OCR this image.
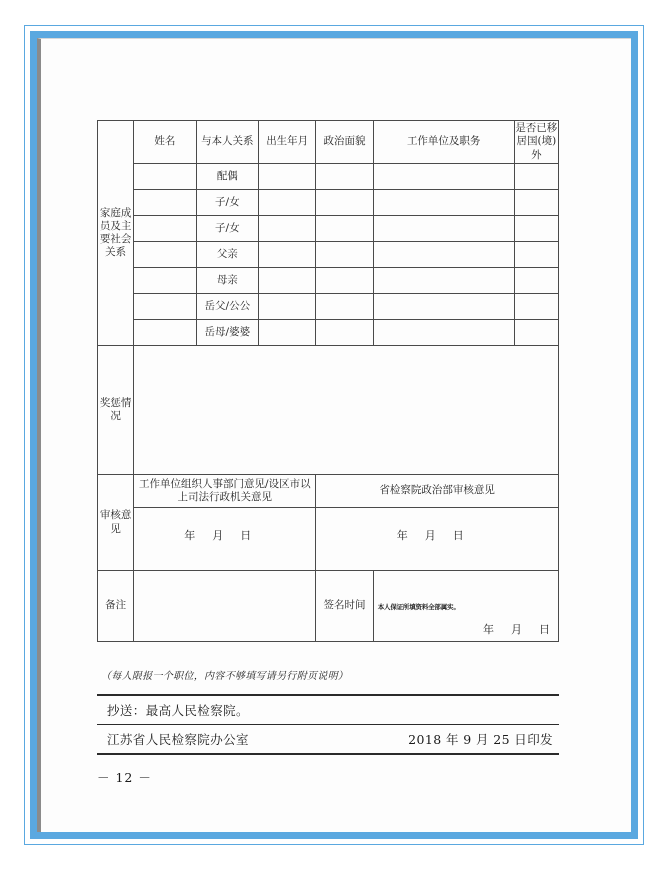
家庭成员及主要社会关系	姓名	与本人关系	出生年月	政治面貌	工作单位及职务	是否已移居国(境)外
		配偶				
		子/女				
		子/女				
		父亲				
		母亲				
		岳父/公公				
		岳母/婆婆				

奖惩情况						

审核意见	工作单位组织人事部门意见/设区市以上司法行政机关意见			省检察院政治部审核意见		
	年 月 日			年 月 日		

备注				签名时间	本人保证所填资料全部属实。
年 月 日	
（每人限报一个职位，内容不够填写请另行附页说明）
抄送：最高人民检察院。
江苏省人民检察院办公室	2018 年 9 月 25 日印发
－ 12 －
